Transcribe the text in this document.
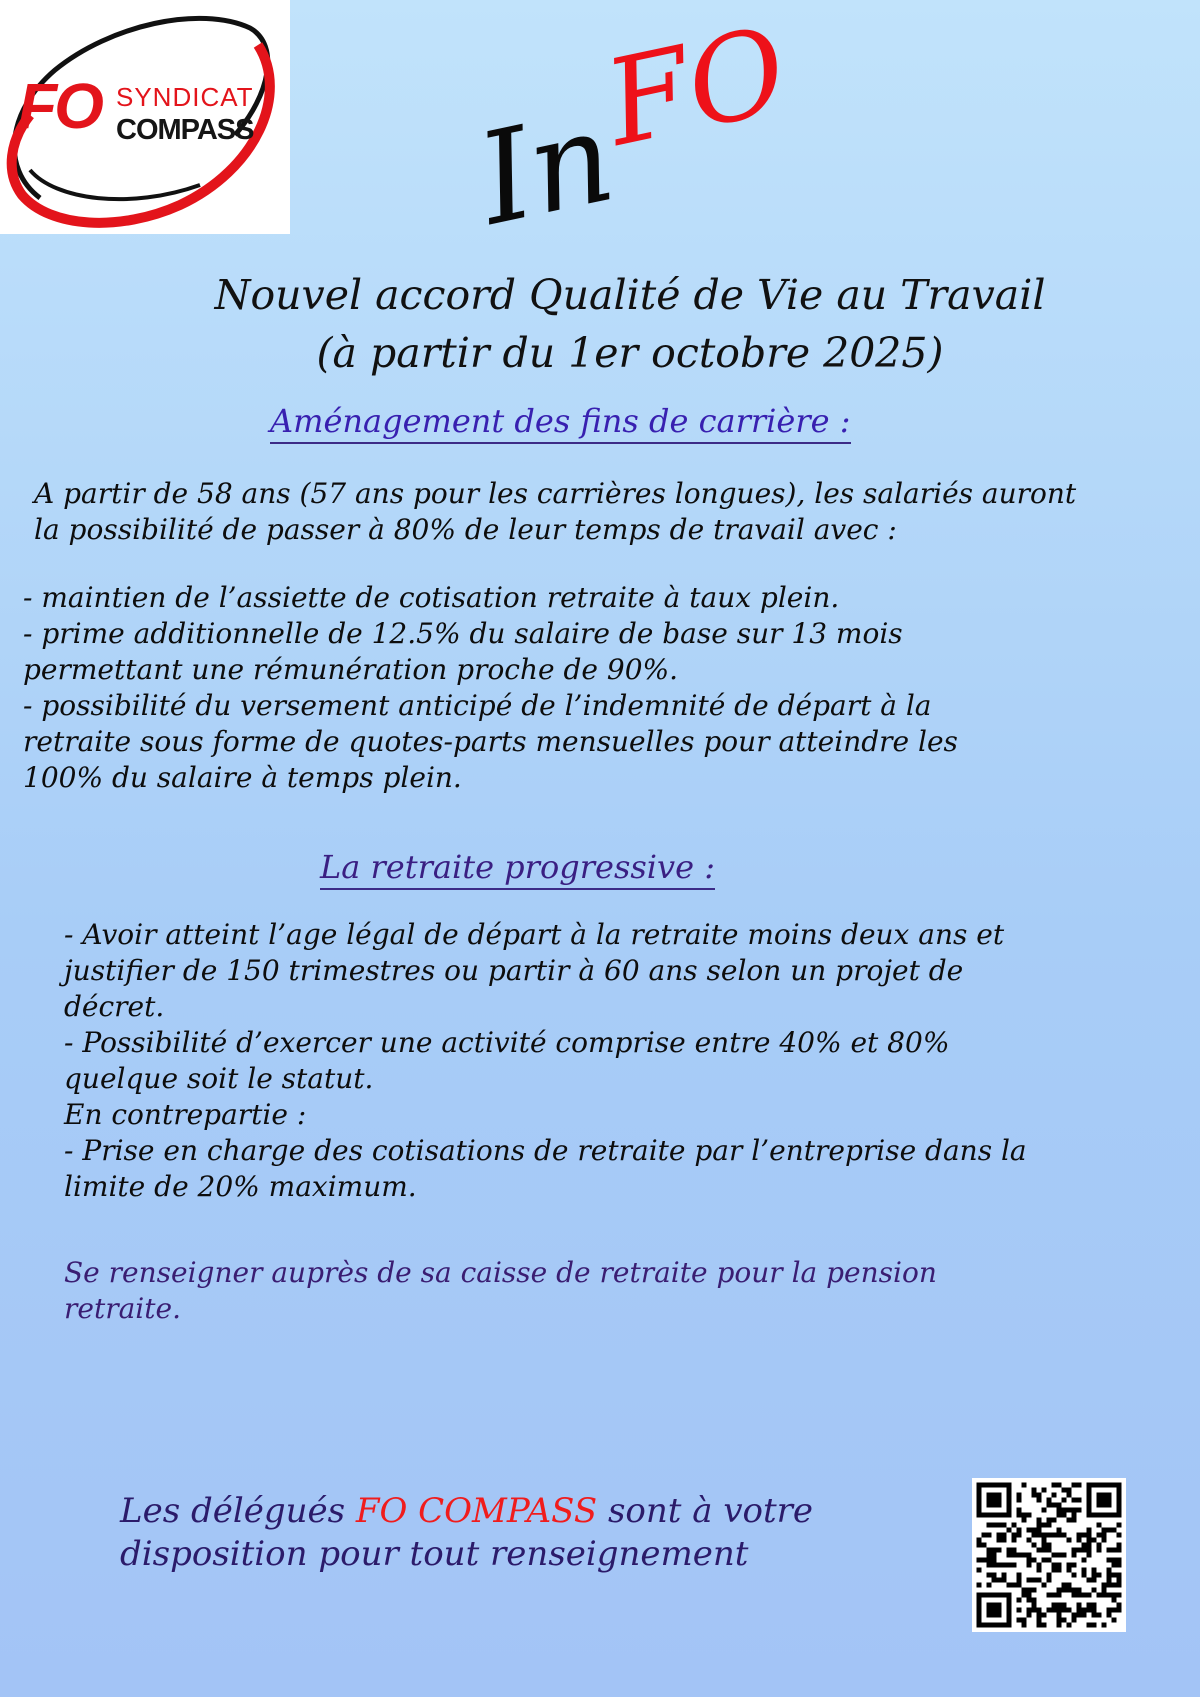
FO SYNDICAT
COMPASS In
FO
Nouvel accord Qualité de Vie au Travail
(à partir du 1er octobre 2025)
Aménagement des fins de carrière :
A partir de 58 ans (57 ans pour les carrières longues), les salariés auront
la possibilité de passer à 80% de leur temps de travail avec :
- maintien de l’assiette de cotisation retraite à taux plein.
- prime additionnelle de 12.5% du salaire de base sur 13 mois
permettant une rémunération proche de 90%.
- possibilité du versement anticipé de l’indemnité de départ à la
retraite sous forme de quotes-parts mensuelles pour atteindre les
100% du salaire à temps plein.
La retraite progressive :
- Avoir atteint l’age légal de départ à la retraite moins deux ans et
justifier de 150 trimestres ou partir à 60 ans selon un projet de
décret.
- Possibilité d’exercer une activité comprise entre 40% et 80%
quelque soit le statut.
En contrepartie :
- Prise en charge des cotisations de retraite par l’entreprise dans la
limite de 20% maximum.
Se renseigner auprès de sa caisse de retraite pour la pension
retraite.
Les délégués FO COMPASS sont à votre
disposition pour tout renseignement
